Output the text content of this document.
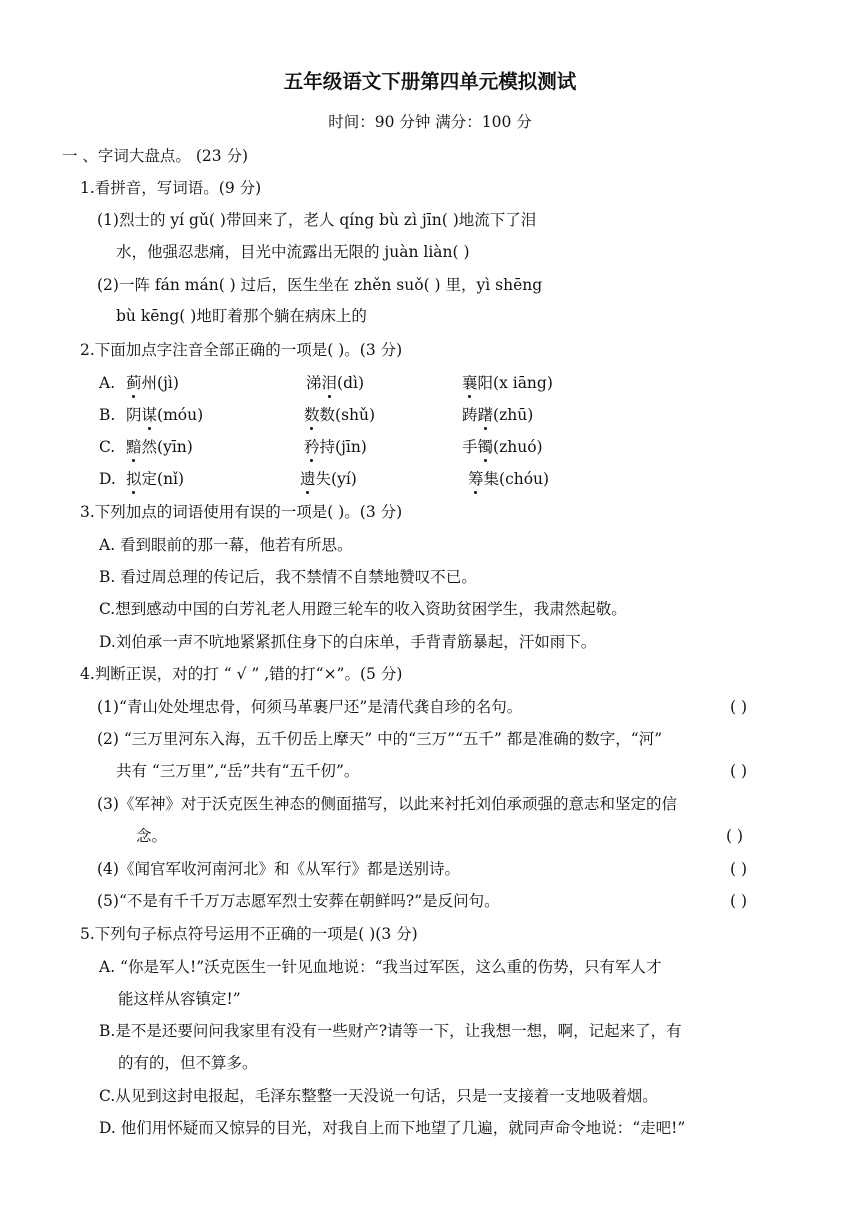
五年级语文下册第四单元模拟测试
时间：90 分钟 满分：100 分
一 、字词大盘点。 (23 分)
1.看拼音，写词语。(9 分)
(1)烈士的 yí gǔ( )带回来了，老人 qíng bù zì jīn( )地流下了泪
水，他强忍悲痛，目光中流露出无限的 juàn liàn( )
(2)一阵 fán mán( ) 过后，医生坐在 zhěn suǒ( ) 里，yì shēng
bù kēng( )地盯着那个躺在病床上的
2.下面加点字注音全部正确的一项是( )。(3 分)
A. 蓟州(jì)	涕泪(dì)	襄阳(x iāng)
B. 阴谋(móu)	数数(shǔ)	踌躇(zhū)
C. 黯然(yīn)	矜持(jīn)	手镯(zhuó)
D. 拟定(nǐ)	遗失(yí)	筹集(chóu)
3.下列加点的词语使用有误的一项是( )。(3 分)
A. 看到眼前的那一幕，他若有所思。
B. 看过周总理的传记后，我不禁情不自禁地赞叹不已。
C.想到感动中国的白芳礼老人用蹬三轮车的收入资助贫困学生，我肃然起敬。
D.刘伯承一声不吭地紧紧抓住身下的白床单，手背青筋暴起，汗如雨下。
4.判断正误，对的打 “ √ ” ,错的打“×”。(5 分)
(1)“青山处处埋忠骨，何须马革裹尸还”是清代龚自珍的名句。	( )
(2) “三万里河东入海，五千仞岳上摩天” 中的“三万”“五千” 都是准确的数字，“河”
共有 “三万里”,“岳”共有“五千仞”。	( )
(3)《军神》对于沃克医生神态的侧面描写，以此来衬托刘伯承顽强的意志和坚定的信
念。	( )
(4)《闻官军收河南河北》和《从军行》都是送别诗。	( )
(5)“不是有千千万万志愿军烈士安葬在朝鲜吗?”是反问句。	( )
5.下列句子标点符号运用不正确的一项是( )(3 分)
A. “你是军人!”沃克医生一针见血地说：“我当过军医，这么重的伤势，只有军人才
能这样从容镇定!”
B.是不是还要问问我家里有没有一些财产?请等一下，让我想一想，啊，记起来了，有
的有的，但不算多。
C.从见到这封电报起，毛泽东整整一天没说一句话，只是一支接着一支地吸着烟。
D. 他们用怀疑而又惊异的目光，对我自上而下地望了几遍，就同声命令地说：“走吧!”
